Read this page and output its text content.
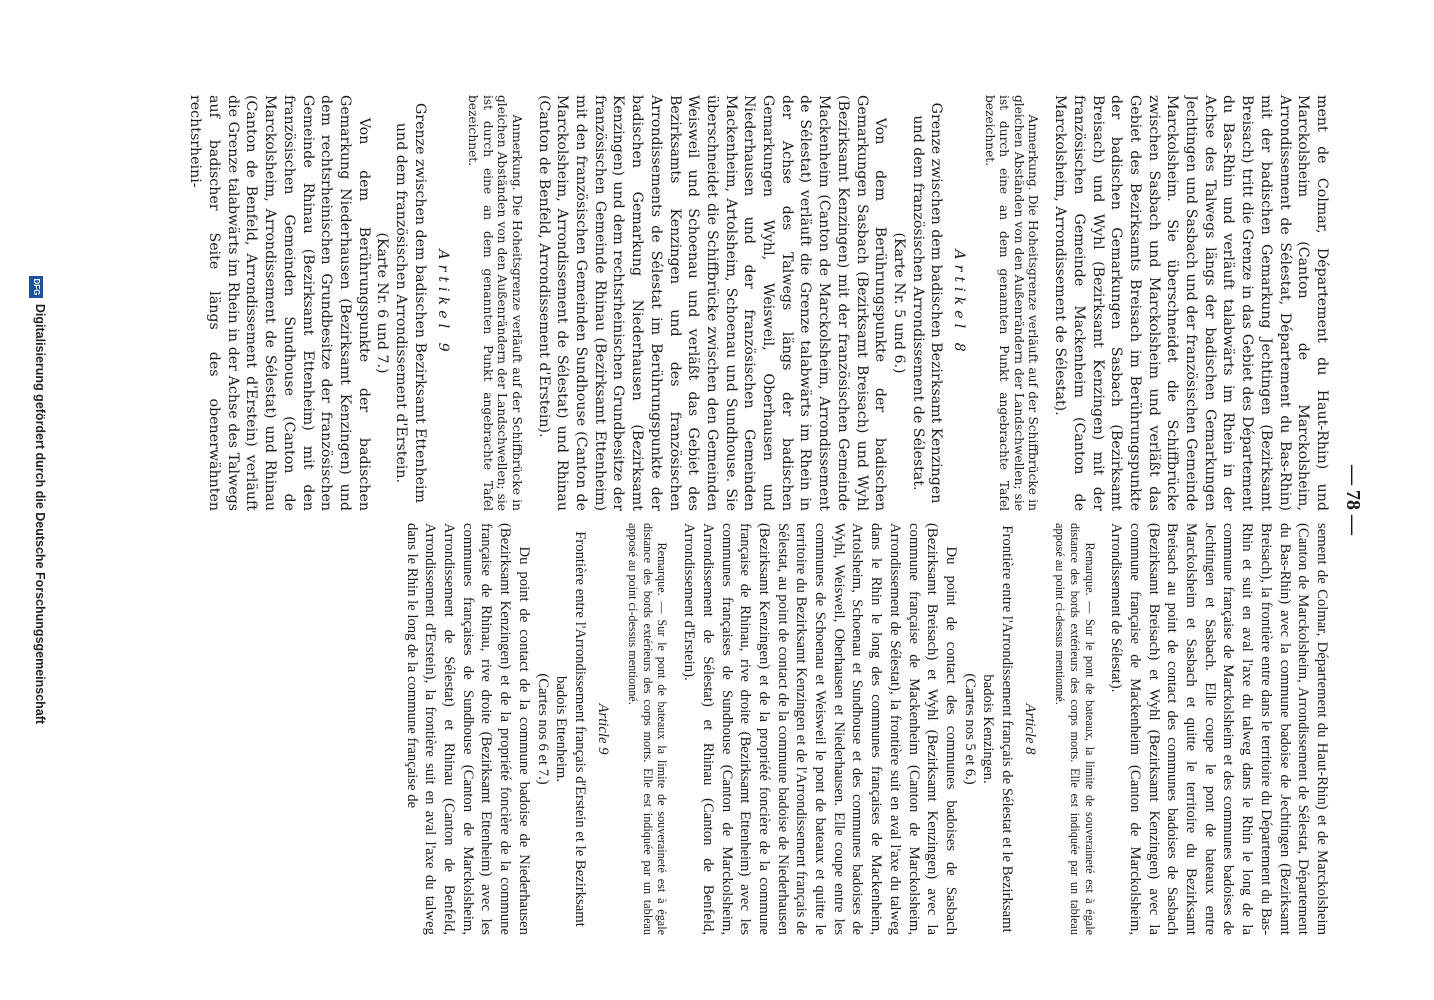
— 78 —

ment de Colmar, Département du Haut-Rhin) und Marckolsheim (Canton de Marckolsheim, Arrondissement de Sélestat, Département du Bas-Rhin) mit der badischen Gemarkung Jechtingen (Bezirksamt Breisach) tritt die Grenze in das Gebiet des Département du Bas-Rhin und verläuft talabwärts im Rhein in der Achse des Talwegs längs der badischen Gemarkungen Jechtingen und Sasbach und der französischen Gemeinde Marckolsheim. Sie überschneidet die Schiffbrücke zwischen Sasbach und Marckolsheim und verläßt das Gebiet des Bezirksamts Breisach im Berührungspunkte der badischen Gemarkungen Sasbach (Bezirksamt Breisach) und Wyhl (Bezirksamt Kenzingen) mit der französischen Gemeinde Mackenheim (Canton de Marckolsheim, Arrondissement de Sélestat).

Anmerkung. Die Hoheitsgrenze verläuft auf der Schiffbrücke in gleichen Abständen von den Außenrändern der Landschwellen; sie ist durch eine an dem genannten Punkt angebrachte Tafel bezeichnet.

Artikel 8

Grenze zwischen dem badischen Bezirksamt Kenzingen und dem französischen Arrondissement de Sélestat.

(Karte Nr. 5 und 6.)

Von dem Berührungspunkte der badischen Gemarkungen Sasbach (Bezirksamt Breisach) und Wyhl (Bezirksamt Kenzingen) mit der französischen Gemeinde Mackenheim (Canton de Marckolsheim, Arrondissement de Sélestat) verläuft die Grenze talabwärts im Rhein in der Achse des Talwegs längs der badischen Gemarkungen Wyhl, Weisweil, Oberhausen und Niederhausen und der französischen Gemeinden Mackenheim, Artolsheim, Schoenau und Sundhouse. Sie überschneidet die Schiffbrücke zwischen den Gemeinden Weisweil und Schoenau und verläßt das Gebiet des Bezirksamts Kenzingen und des französischen Arrondissements de Sélestat im Berührungspunkte der badischen Gemarkung Niederhausen (Bezirksamt Kenzingen) und dem rechtsrheinischen Grundbesitze der französischen Gemeinde Rhinau (Bezirksamt Ettenheim) mit den französischen Gemeinden Sundhouse (Canton de Marckolsheim, Arrondissement de Sélestat) und Rhinau (Canton de Benfeld, Arrondissement d'Erstein).

Anmerkung. Die Hoheitsgrenze verläuft auf der Schiffbrücke in gleichen Abständen von den Außenrändern der Landschwellen; sie ist durch eine an dem genannten Punkt angebrachte Tafel bezeichnet.

Artikel 9

Grenze zwischen dem badischen Bezirksamt Ettenheim und dem französischen Arrondissement d'Erstein.

(Karte Nr. 6 und 7.)

Von dem Berührungspunkte der badischen Gemarkung Niederhausen (Bezirksamt Kenzingen) und dem rechtsrheinischen Grundbesitze der französischen Gemeinde Rhinau (Bezirksamt Ettenheim) mit den französischen Gemeinden Sundhouse (Canton de Marckolsheim, Arrondissement de Sélestat) und Rhinau (Canton de Benfeld, Arrondissement d'Erstein) verläuft die Grenze talabwärts im Rhein in der Achse des Talwegs auf badischer Seite längs des obenerwähnten rechtsrheini-

sement de Colmar, Département du Haut-Rhin) et de Marckolsheim (Canton de Marckolsheim, Arrondissement de Sélestat, Département du Bas-Rhin) avec la commune badoise de Jechtingen (Bezirksamt Breisach), la frontière entre dans le territoire du Département du Bas-Rhin et suit en aval l'axe du talweg dans le Rhin le long de la commune française de Marckolsheim et des communes badoises de Jechtingen et Sasbach. Elle coupe le pont de bateaux entre Marckolsheim et Sasbach et quitte le territoire du Bezirksamt Breisach au point de contact des communes badoises de Sasbach (Bezirksamt Breisach) et Wyhl (Bezirksamt Kenzingen) avec la commune française de Mackenheim (Canton de Marckolsheim, Arrondissement de Sélestat).

Remarque. — Sur le pont de bateaux, la limite de souveraineté est à égale distance des bords extérieurs des corps morts. Elle est indiquée par un tableau apposé au point ci-dessus mentionné.

Article 8

Frontière entre l'Arrondissement français de Sélestat et le Bezirksamt badois Kenzingen.

(Cartes nos 5 et 6.)

Du point de contact des communes badoises de Sasbach (Bezirksamt Breisach) et Wyhl (Bezirksamt Kenzingen) avec la commune française de Mackenheim (Canton de Marckolsheim, Arrondissement de Sélestat), la frontière suit en aval l'axe du talweg dans le Rhin le long des communes françaises de Mackenheim, Artolsheim, Schoenau et Sundhouse et des communes badoises de Wyhl, Weisweil, Oberhausen et Niederhausen. Elle coupe entre les communes de Schoenau et Weisweil le pont de bateaux et quitte le territoire du Bezirksamt Kenzingen et de l'Arrondissement français de Sélestat, au point de contact de la commune badoise de Niederhausen (Bezirksamt Kenzingen) et de la propriété foncière de la commune française de Rhinau, rive droite (Bezirksamt Ettenheim) avec les communes françaises de Sundhouse (Canton de Marckolsheim, Arrondissement de Sélestat) et Rhinau (Canton de Benfeld, Arrondissement d'Erstein).

Remarque. — Sur le pont de bateaux la limite de souveraineté est à égale distance des bords extérieurs des corps morts. Elle est indiquée par un tableau apposé au point ci-dessus mentionné.

Article 9

Frontière entre l'Arrondissement français d'Erstein et le Bezirksamt badois Ettenheim.

(Cartes nos 6 et 7.)

Du point de contact de la commune badoise de Niederhausen (Bezirksamt Kenzingen) et de la propriété foncière de la commune française de Rhinau, rive droite (Bezirksamt Ettenheim) avec les communes françaises de Sundhouse (Canton de Marckolsheim, Arrondissement de Sélestat) et Rhinau (Canton de Benfeld, Arrondissement d'Erstein), la frontière suit en aval l'axe du talweg dans le Rhin le long de la commune française de

DFGDigitalisierung gefördert durch die Deutsche Forschungsgemeinschaft
